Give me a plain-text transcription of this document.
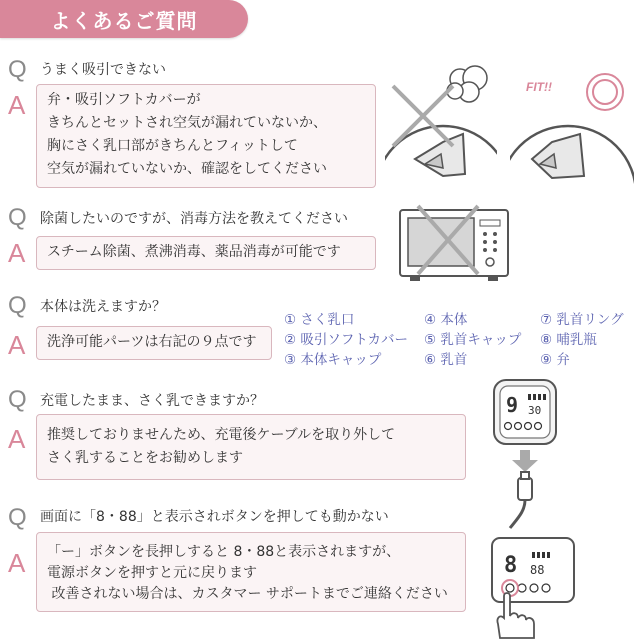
よくあるご質問
Q うまく吸引できない
A 弁・吸引ソフトカバーが
きちんとセットされ空気が漏れていないか、
胸にさく乳口部がきちんとフィットして
空気が漏れていないか、確認をしてください
FIT!!
Q 除菌したいのですが、消毒方法を教えてください
A スチーム除菌、煮沸消毒、薬品消毒が可能です
Q 本体は洗えますか？
A 洗浄可能パーツは右記の９点です
① さく乳口
② 吸引ソフトカバー
③ 本体キャップ
④ 本体
⑤ 乳首キャップ
⑥ 乳首
⑦ 乳首リング
⑧ 哺乳瓶
⑨ 弁
Q 充電したまま、さく乳できますか？
A 推奨しておりませんため、充電後ケーブルを取り外して
さく乳することをお勧めします
9 30
Q 画面に「8・88」と表示されボタンを押しても動かない
A 「ー」ボタンを長押しすると 8・88と表示されますが、
電源ボタンを押すと元に戻ります
改善されない場合は、カスタマー サポートまでご連絡ください
8 88
